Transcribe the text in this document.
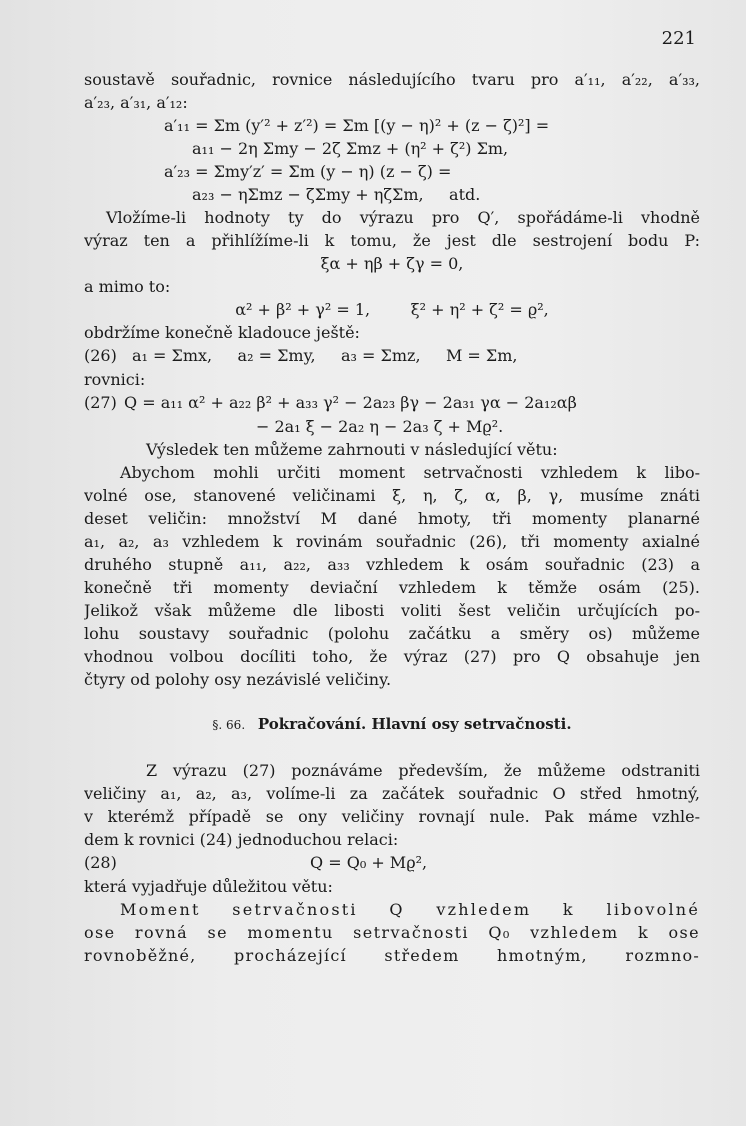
221
soustavě souřadnic, rovnice následujícího tvaru pro a′₁₁, a′₂₂, a′₃₃,
a′₂₃, a′₃₁, a′₁₂:
a′₁₁ = Σm (y′² + z′²) = Σm [(y − η)² + (z − ζ)²] =
a₁₁ − 2η Σmy − 2ζ Σmz + (η² + ζ²) Σm,
a′₂₃ = Σmy′z′ = Σm (y − η) (z − ζ) =
a₂₃ − ηΣmz − ζΣmy + ηζΣm,     atd.
Vložíme-li hodnoty ty do výrazu pro Q′, spořádáme-li vhodně
výraz ten a přihlížíme-li k tomu, že jest dle sestrojení bodu P:
ξα + ηβ + ζγ = 0,
a mimo to:
α² + β² + γ² = 1,        ξ² + η² + ζ² = ϱ²,
obdržíme konečně kladouce ještě:
(26) a₁ = Σmx,     a₂ = Σmy,     a₃ = Σmz,     M = Σm,
rovnici:
(27) Q = a₁₁ α² + a₂₂ β² + a₃₃ γ² − 2a₂₃ βγ − 2a₃₁ γα − 2a₁₂αβ
− 2a₁ ξ − 2a₂ η − 2a₃ ζ + Mϱ².
Výsledek ten můžeme zahrnouti v následující větu:
Abychom mohli určiti moment setrvačnosti vzhledem k libo-
volné ose, stanovené veličinami ξ, η, ζ, α, β, γ, musíme znáti
deset veličin: množství M dané hmoty, tři momenty planarné
a₁, a₂, a₃ vzhledem k rovinám souřadnic (26), tři momenty axialné
druhého stupně a₁₁, a₂₂, a₃₃ vzhledem k osám souřadnic (23) a
konečně tři momenty deviační vzhledem k těmže osám (25).
Jelikož však můžeme dle libosti voliti šest veličin určujících po-
lohu soustavy souřadnic (polohu začátku a směry os) můžeme
vhodnou volbou docíliti toho, že výraz (27) pro Q obsahuje jen
čtyry od polohy osy nezávislé veličiny.
§. 66. Pokračování. Hlavní osy setrvačnosti.
Z výrazu (27) poznáváme především, že můžeme odstraniti
veličiny a₁, a₂, a₃, volíme-li za začátek souřadnic O střed hmotný,
v kterémž případě se ony veličiny rovnají nule. Pak máme vzhle-
dem k rovnici (24) jednoduchou relaci:
(28)	Q = Q₀ + Mϱ²,
která vyjadřuje důležitou větu:
Moment setrvačnosti Q vzhledem k libovolné
ose rovná se momentu setrvačnosti Q₀ vzhledem k ose
rovnoběžné, procházející středem hmotným, rozmno-
